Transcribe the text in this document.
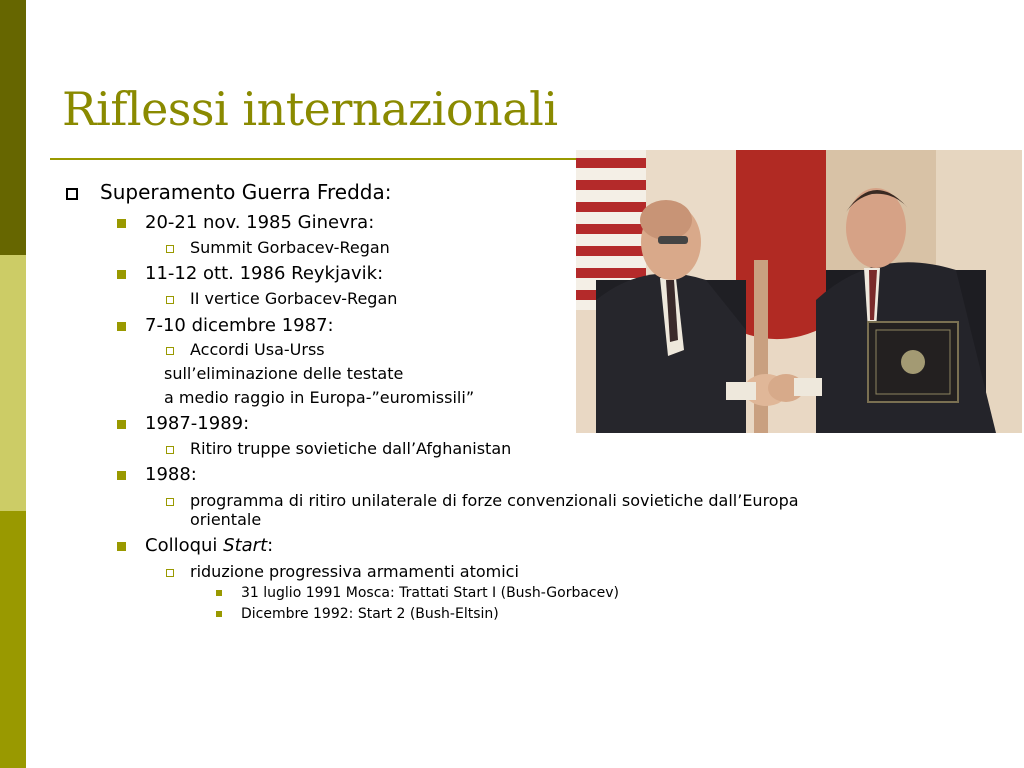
Riflessi internazionali
Superamento Guerra Fredda:
20-21 nov. 1985 Ginevra:
Summit Gorbacev-Regan
11-12 ott. 1986 Reykjavik:
II vertice Gorbacev-Regan
7-10 dicembre 1987:
Accordi Usa-Urss
sull’eliminazione delle testate
a medio raggio in Europa-”euromissili”
1987-1989:
Ritiro truppe sovietiche dall’Afghanistan
1988:
programma di ritiro unilaterale di forze convenzionali sovietiche dall’Europa
orientale
Colloqui Start:
riduzione progressiva armamenti atomici
31 luglio 1991 Mosca: Trattati Start I (Bush-Gorbacev)
Dicembre 1992: Start 2 (Bush-Eltsin)
